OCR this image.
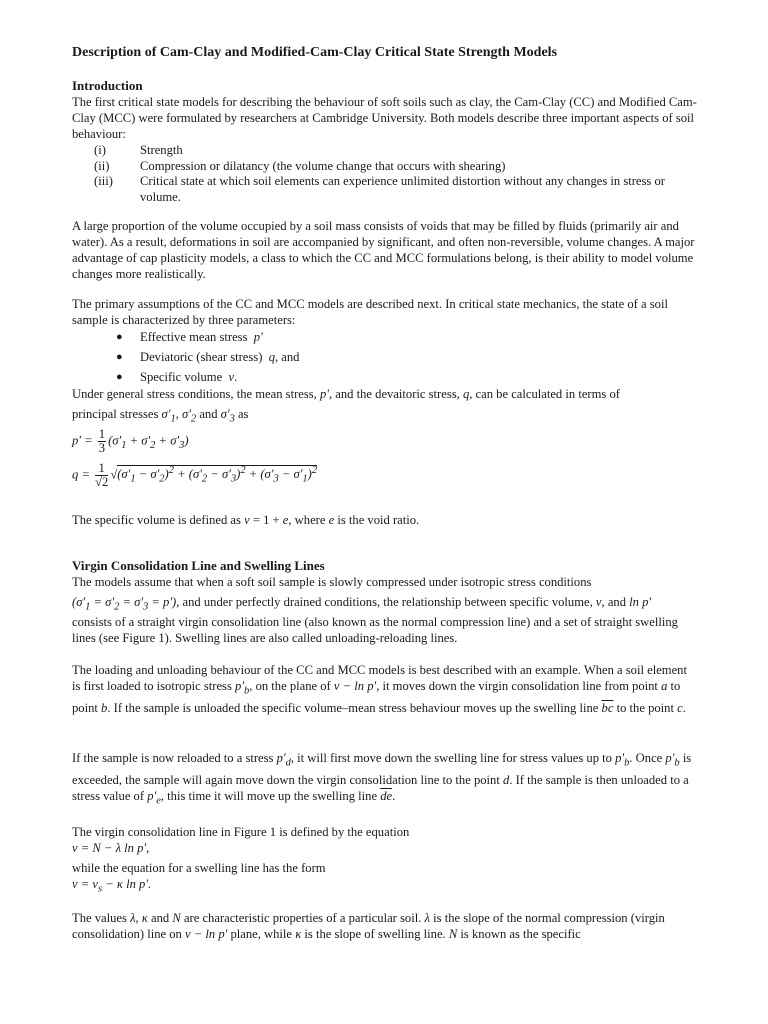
Description of Cam-Clay and Modified-Cam-Clay Critical State Strength Models
Introduction

The first critical state models for describing the behaviour of soft soils such as clay, the Cam-Clay (CC) and Modified Cam-Clay (MCC) were formulated by researchers at Cambridge University. Both models describe three important aspects of soil behaviour:

(i)	Strength
(ii) Compression or dilatancy (the volume change that occurs with shearing)
(iii) Critical state at which soil elements can experience unlimited distortion without any changes in stress or volume.

A large proportion of the volume occupied by a soil mass consists of voids that may be filled by fluids (primarily air and water). As a result, deformations in soil are accompanied by significant, and often non-reversible, volume changes. A major advantage of cap plasticity models, a class to which the CC and MCC formulations belong, is their ability to model volume changes more realistically.

The primary assumptions of the CC and MCC models are described next. In critical state mechanics, the state of a soil sample is characterized by three parameters:

● Effective mean stress p'
● Deviatoric (shear stress) q, and
● Specific volume v.

Under general stress conditions, the mean stress, p', and the devaitoric stress, q, can be calculated in terms of

principal stresses $\sigma'_1$, $\sigma'_2$ and $\sigma'_3$ as

$p' = \frac{1}{3} (\sigma'_1 + \sigma'_2 + \sigma'_3)$
$q = \frac{1}{√2} √(\sigma'_1 - \sigma'_2)^2 + (\sigma'_2 - \sigma'_3)^2 + (\sigma'_3 - \sigma'_1)^2$

The specific volume is defined as v = 1 + e, where e is the void ratio.

Virgin Consolidation Line and Swelling Lines

The models assume that when a soft soil sample is slowly compressed under isotropic stress conditions

$(\sigma'_1 = \sigma'_2 = \sigma'_3 = p')$, and under perfectly drained conditions, the relationship between specific volume, v, and ln p'

consists of a straight virgin consolidation line (also known as the normal compression line) and a set of straight swelling lines (see Figure 1). Swelling lines are also called unloading-reloading lines.

The loading and unloading behaviour of the CC and MCC models is best described with an example. When a soil element is first loaded to isotropic stress $p'_b$, on the plane of v − ln p', it moves down the virgin consolidation line from point a to point b. If the sample is unloaded the specific volume–mean stress behaviour moves up the swelling line $\overline{bc}$ to the point c.

If the sample is now reloaded to a stress $p'_d$, it will first move down the swelling line for stress values up to $p'_b$. Once $p'_b$ is exceeded, the sample will again move down the virgin consolidation line to the point d. If the sample is then unloaded to a stress value of $p'_e$, this time it will move up the swelling line $\overline{de}$.

The virgin consolidation line in Figure 1 is defined by the equation

v = N − λ ln p',

while the equation for a swelling line has the form

$v = v_s - \kappa$ ln p'.

The values λ, κ and N are characteristic properties of a particular soil. λ is the slope of the normal compression (virgin consolidation) line on v − ln p' plane, while κ is the slope of swelling line. N is known as the specific
